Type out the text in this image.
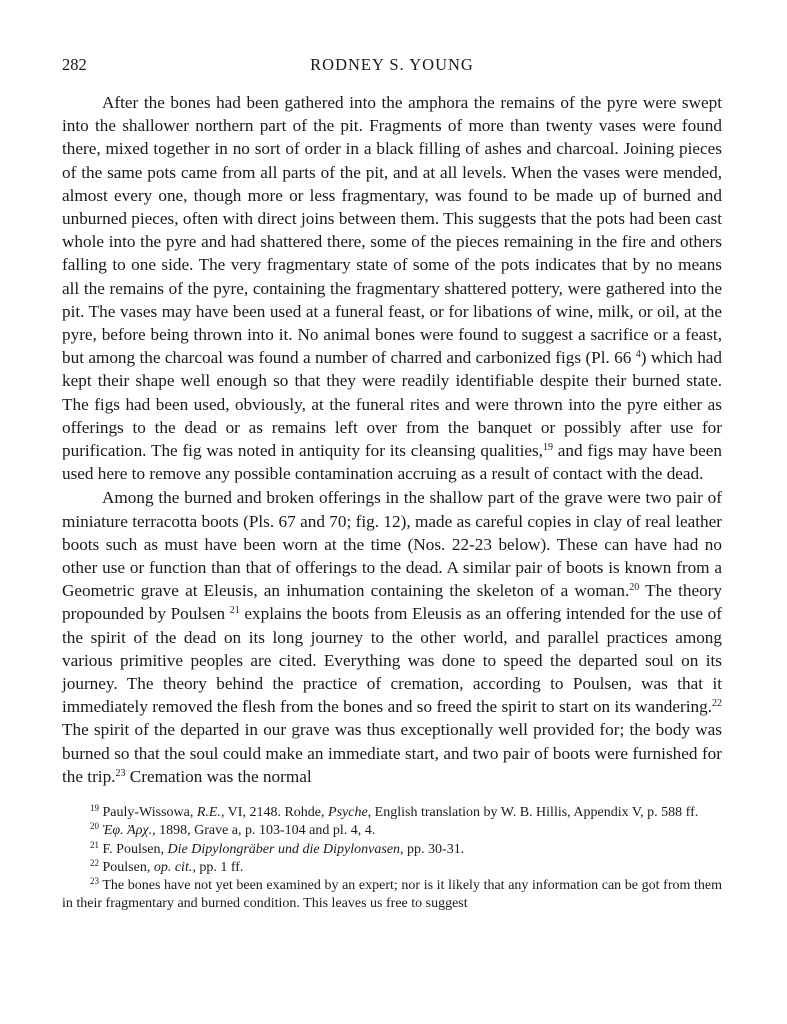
RODNEY S. YOUNG
282

After the bones had been gathered into the amphora the remains of the pyre were swept into the shallower northern part of the pit. Fragments of more than twenty vases were found there, mixed together in no sort of order in a black filling of ashes and charcoal. Joining pieces of the same pots came from all parts of the pit, and at all levels. When the vases were mended, almost every one, though more or less fragmentary, was found to be made up of burned and unburned pieces, often with direct joins between them. This suggests that the pots had been cast whole into the pyre and had shattered there, some of the pieces remaining in the fire and others falling to one side. The very fragmentary state of some of the pots indicates that by no means all the remains of the pyre, containing the fragmentary shattered pottery, were gathered into the pit. The vases may have been used at a funeral feast, or for libations of wine, milk, or oil, at the pyre, before being thrown into it. No animal bones were found to suggest a sacrifice or a feast, but among the charcoal was found a number of charred and carbonized figs (Pl. 66 $^4$) which had kept their shape well enough so that they were readily identifiable despite their burned state. The figs had been used, obviously, at the funeral rites and were thrown into the pyre either as offerings to the dead or as remains left over from the banquet or possibly after use for purification. The fig was noted in antiquity for its cleansing qualities,$^{19}$ and figs may have been used here to remove any possible contamination accruing as a result of contact with the dead.

Among the burned and broken offerings in the shallow part of the grave were two pair of miniature terracotta boots (Pls. 67 and 70; fig. 12), made as careful copies in clay of real leather boots such as must have been worn at the time (Nos. 22-23 below). These can have had no other use or function than that of offerings to the dead. A similar pair of boots is known from a Geometric grave at Eleusis, an inhumation containing the skeleton of a woman.$^{20}$ The theory propounded by Poulsen $^{21}$ explains the boots from Eleusis as an offering intended for the use of the spirit of the dead on its long journey to the other world, and parallel practices among various primitive peoples are cited. Everything was done to speed the departed soul on its journey. The theory behind the practice of cremation, according to Poulsen, was that it immediately removed the flesh from the bones and so freed the spirit to start on its wandering.$^{22}$ The spirit of the departed in our grave was thus exceptionally well provided for; the body was burned so that the soul could make an immediate start, and two pair of boots were furnished for the trip.$^{23}$ Cremation was the normal

$^{19}$ Pauly-Wissowa, R.E., VI, 2148. Rohde, Psyche, English translation by W. B. Hillis, Appendix V, p. 588 ff.
$^{20}$ Ἐφ. Ἀρχ., 1898, Grave a, p. 103-104 and pl. 4, 4.
$^{21}$ F. Poulsen, Die Dipylongräber und die Dipylonvasen, pp. 30-31.
$^{22}$ Poulsen, op. cit., pp. 1 ff.
$^{23}$ The bones have not yet been examined by an expert; nor is it likely that any information can be got from them in their fragmentary and burned condition. This leaves us free to suggest
